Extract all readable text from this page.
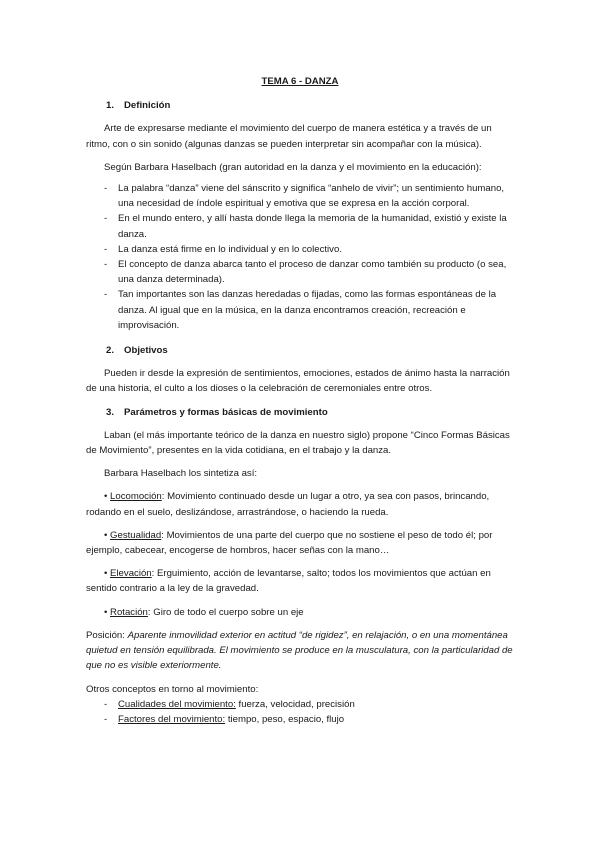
TEMA 6 - DANZA

1. Definición

Arte de expresarse mediante el movimiento del cuerpo de manera estética y a través de un ritmo, con o sin sonido (algunas danzas se pueden interpretar sin acompañar con la música).

Según Barbara Haselbach (gran autoridad en la danza y el movimiento en la educación):

- La palabra “danza” viene del sánscrito y significa “anhelo de vivir”; un sentimiento humano, una necesidad de índole espiritual y emotiva que se expresa en la acción corporal.
- En el mundo entero, y allí hasta donde llega la memoria de la humanidad, existió y existe la danza.
- La danza está firme en lo individual y en lo colectivo.
- El concepto de danza abarca tanto el proceso de danzar como también su producto (o sea, una danza determinada).
- Tan importantes son las danzas heredadas o fijadas, como las formas espontáneas de la danza. Al igual que en la música, en la danza encontramos creación, recreación e improvisación.

2. Objetivos

Pueden ir desde la expresión de sentimientos, emociones, estados de ánimo hasta la narración de una historia, el culto a los dioses o la celebración de ceremoniales entre otros.

3. Parámetros y formas básicas de movimiento

Laban (el más importante teórico de la danza en nuestro siglo) propone “Cinco Formas Básicas de Movimiento”, presentes en la vida cotidiana, en el trabajo y la danza.

Barbara Haselbach los sintetiza así:

• Locomoción: Movimiento continuado desde un lugar a otro, ya sea con pasos, brincando, rodando en el suelo, deslizándose, arrastrándose, o haciendo la rueda.

• Gestualidad: Movimientos de una parte del cuerpo que no sostiene el peso de todo él; por ejemplo, cabecear, encogerse de hombros, hacer señas con la mano…

• Elevación: Erguimiento, acción de levantarse, salto; todos los movimientos que actúan en sentido contrario a la ley de la gravedad.

• Rotación: Giro de todo el cuerpo sobre un eje

Posición: Aparente inmovilidad exterior en actitud “de rigidez”, en relajación, o en una momentánea quietud en tensión equilibrada. El movimiento se produce en la musculatura, con la particularidad de que no es visible exteriormente.

Otros conceptos en torno al movimiento:

- Cualidades del movimiento: fuerza, velocidad, precisión
- Factores del movimiento: tiempo, peso, espacio, flujo
